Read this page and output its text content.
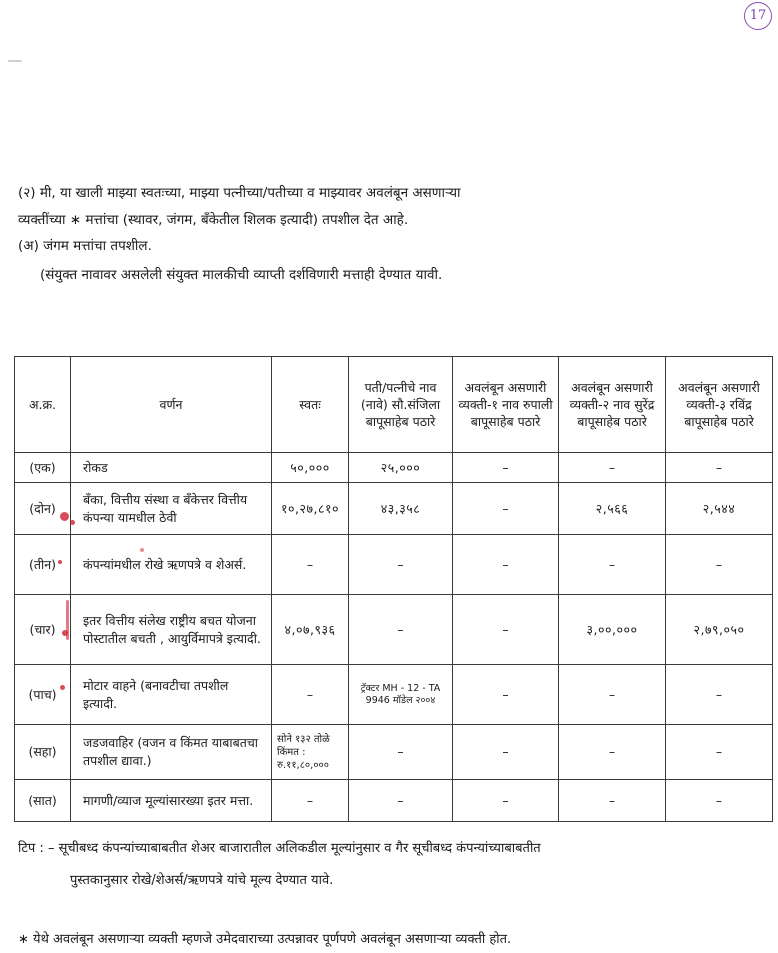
17

(२) मी, या खाली माझ्या स्वतःच्या, माझ्या पत्नीच्या/पतीच्या व माझ्यावर अवलंबून असणाऱ्या

व्यक्तींच्या ∗ मत्तांचा (स्थावर, जंगम, बँकेतील शिलक इत्यादी) तपशील देत आहे.

(अ) जंगम मत्तांचा तपशील.

(संयुक्त नावावर असलेली संयुक्त मालकीची व्याप्ती दर्शविणारी मत्ताही देण्यात यावी.

अ.क्र.	वर्णन	स्वतः	पती/पत्नीचे नाव (नावे) सौ.संजिला बापूसाहेब पठारे	अवलंबून असणारी व्यक्ती-१ नाव रुपाली बापूसाहेब पठारे	अवलंबून असणारी व्यक्ती-२ नाव सुरेंद्र बापूसाहेब पठारे	अवलंबून असणारी व्यक्ती-३ रविंद्र बापूसाहेब पठारे
(एक)	रोकड	५०,०००	२५,०००	–	–	–
(दोन)	बँका, वित्तीय संस्था व बँकेत्तर वित्तीय कंपन्या यामधील ठेवी	१०,२७,८१०	४३,३५८	–	२,५६६	२,५४४
(तीन)	कंपन्यांमधील रोखे ऋणपत्रे व शेअर्स.	–	–	–	–	–
(चार)	इतर वित्तीय संलेख राष्ट्रीय बचत योजना पोस्टातील बचती , आयुर्विमापत्रे इत्यादी.	४,०७,९३६	–	–	३,००,०००	२,७९,०५०
(पाच)	मोटार वाहने (बनावटीचा तपशील इत्यादी.	–	ट्रॅक्टर MH - 12 - TA 9946 मॉडेल २००४	–	–	–
(सहा)	जडजवाहिर (वजन व किंमत याबाबतचा तपशील द्यावा.)	सोने १३२ तोळे किंमत : रु.११,८०,०००	–	–	–	–
(सात)	मागणी/व्याज मूल्यांसारख्या इतर मत्ता.	–	–	–	–	–
टिप : – सूचीबध्द कंपन्यांच्याबाबतीत शेअर बाजारातील अलिकडील मूल्यांनुसार व गैर सूचीबध्द कंपन्यांच्याबाबतीत
पुस्तकानुसार रोखे/शेअर्स/ऋणपत्रे यांचे मूल्य देण्यात यावे.
∗ येथे अवलंबून असणाऱ्या व्यक्ती म्हणजे उमेदवाराच्या उत्पन्नावर पूर्णपणे अवलंबून असणाऱ्या व्यक्ती होत.
